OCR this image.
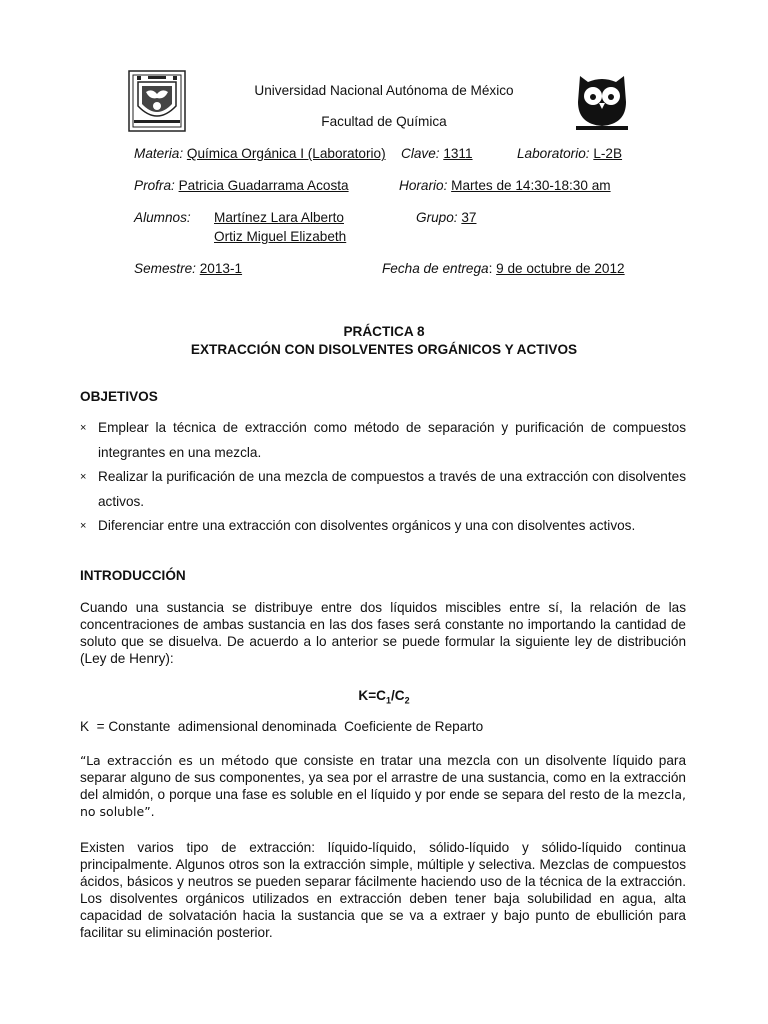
Universidad Nacional Autónoma de México
Facultad de Química
Materia: Química Orgánica I (Laboratorio) Clave: 1311	Laboratorio: L-2B
Profra: Patricia Guadarrama Acosta	Horario: Martes de 14:30-18:30 am
Alumnos: Martínez Lara Alberto
Ortiz Miguel Elizabeth
Grupo: 37
Semestre: 2013-1	Fecha de entrega: 9 de octubre de 2012
PRÁCTICA 8
EXTRACCIÓN CON DISOLVENTES ORGÁNICOS Y ACTIVOS
OBJETIVOS
× Emplear la técnica de extracción como método de separación y purificación de compuestos integrantes en una mezcla.
× Realizar la purificación de una mezcla de compuestos a través de una extracción con disolventes activos.
× Diferenciar entre una extracción con disolventes orgánicos y una con disolventes activos.
INTRODUCCIÓN
Cuando una sustancia se distribuye entre dos líquidos miscibles entre sí, la relación de las concentraciones de ambas sustancia en las dos fases será constante no importando la cantidad de soluto que se disuelva. De acuerdo a lo anterior se puede formular la siguiente ley de distribución (Ley de Henry):
$K=C_1/C_2$
K  = Constante  adimensional denominada  Coeficiente de Reparto
“La extracción es un método que consiste en tratar una mezcla con un disolvente líquido para separar alguno de sus componentes, ya sea por el arrastre de una sustancia, como en la extracción del almidón, o porque una fase es soluble en el líquido y por ende se separa del resto de la mezcla, no soluble”.
Existen varios tipo de extracción: líquido-líquido, sólido-líquido y sólido-líquido continua principalmente. Algunos otros son la extracción simple, múltiple y selectiva. Mezclas de compuestos ácidos, básicos y neutros se pueden separar fácilmente haciendo uso de la técnica de la extracción. Los disolventes orgánicos utilizados en extracción deben tener baja solubilidad en agua, alta capacidad de solvatación hacia la sustancia que se va a extraer y bajo punto de ebullición para facilitar su eliminación posterior.
